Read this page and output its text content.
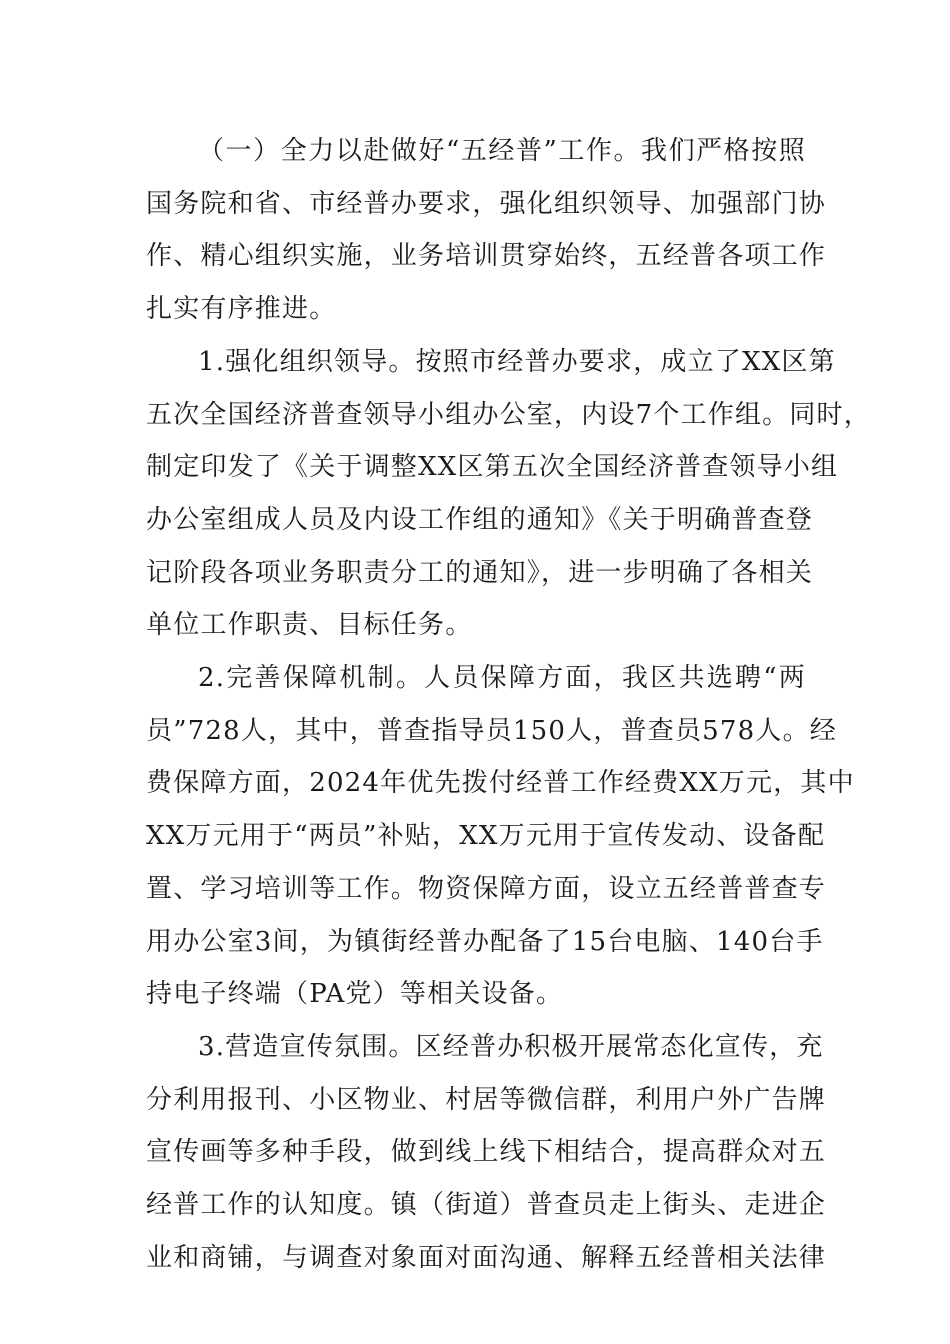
（一）全力以赴做好“五经普”工作。我们严格按照
国务院和省、市经普办要求，强化组织领导、加强部门协
作、精心组织实施，业务培训贯穿始终，五经普各项工作
扎实有序推进。
1.强化组织领导。按照市经普办要求，成立了XX区第
五次全国经济普查领导小组办公室，内设7个工作组。同时，
制定印发了《关于调整XX区第五次全国经济普查领导小组
办公室组成人员及内设工作组的通知》《关于明确普查登
记阶段各项业务职责分工的通知》，进一步明确了各相关
单位工作职责、目标任务。
2.完善保障机制。人员保障方面，我区共选聘“两
员”728人，其中，普查指导员150人，普查员578人。经
费保障方面，2024年优先拨付经普工作经费XX万元，其中
XX万元用于“两员”补贴，XX万元用于宣传发动、设备配
置、学习培训等工作。物资保障方面，设立五经普普查专
用办公室3间，为镇街经普办配备了15台电脑、140台手
持电子终端（PA党）等相关设备。
3.营造宣传氛围。区经普办积极开展常态化宣传，充
分利用报刊、小区物业、村居等微信群，利用户外广告牌
宣传画等多种手段，做到线上线下相结合，提高群众对五
经普工作的认知度。镇（街道）普查员走上街头、走进企
业和商铺，与调查对象面对面沟通、解释五经普相关法律
